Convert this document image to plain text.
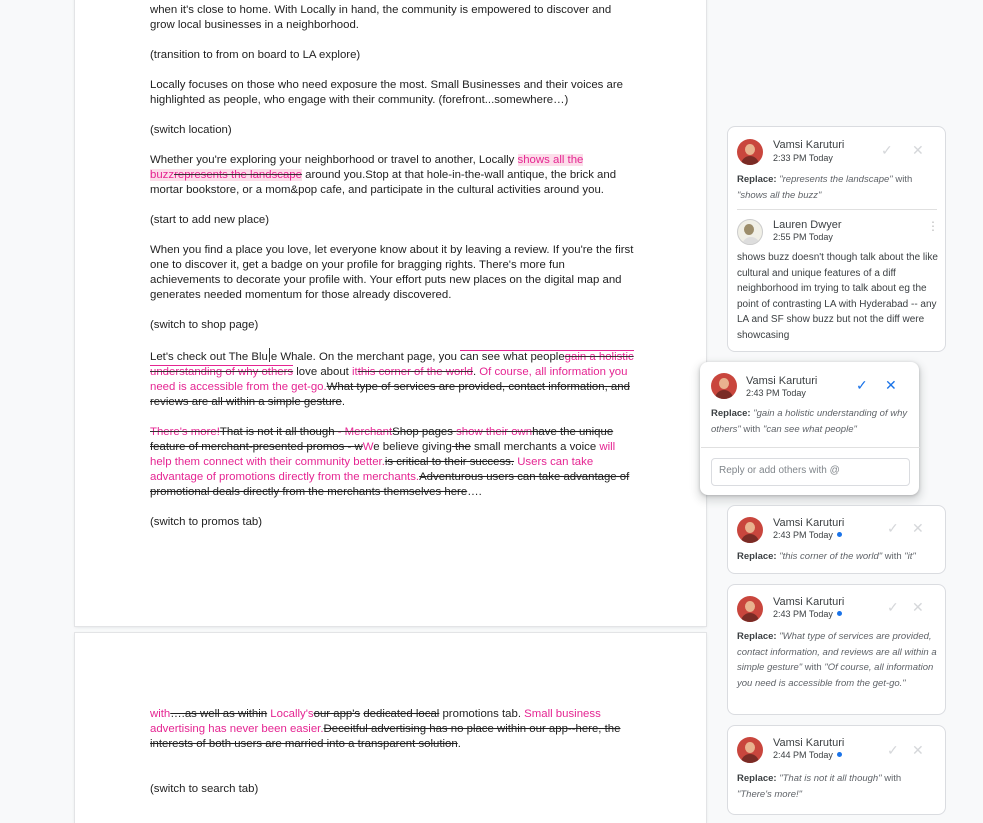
when it's close to home. With Locally in hand, the community is empowered to discover and
grow local businesses in a neighborhood.

(transition to from on board to LA explore)

Locally focuses on those who need exposure the most. Small Businesses and their voices are highlighted as people, who engage with their community. (forefront...somewhere…)

(switch location)

Whether you're exploring your neighborhood or travel to another, Locally shows all the buzzrepresents the landscape around you.Stop at that hole-in-the-wall antique, the brick and mortar bookstore, or a mom&pop cafe, and participate in the cultural activities around you.

(start to add new place)

When you find a place you love, let everyone know about it by leaving a review. If you're the first one to discover it, get a badge on your profile for bragging rights. There's more fun achievements to decorate your profile with. Your effort puts new places on the digital map and generates needed momentum for those already discovered.

(switch to shop page)

Let's check out The Blu e Whale. On the merchant page, you can see what peoplegain a holistic understanding of why others love about itthis corner of the world. Of course, all information you need is accessible from the get-go.What type of services are provided, contact information, and reviews are all within a simple gesture.

There's more!That is not it all though - MerchantShop pages show their ownhave the unique feature of merchant-presented promos - wWe believe giving the small merchants a voice will help them connect with their community better.is critical to their success. Users can take advantage of promotions directly from the merchants.Adventurous users can take advantage of promotional deals directly from the merchants themselves here….

(switch to promos tab)

with….as well as within Locally'sour app's dedicated local promotions tab. Small business advertising has never been easier.Deceitful advertising has no place within our app--here, the interests of both users are married into a transparent solution.

(switch to search tab)

Vamsi Karuturi
2:33 PM Today	✓ ✕
Replace: "represents the landscape" with "shows all the buzz"
Lauren Dwyer
2:55 PM Today
⋮
shows buzz doesn't though talk about the like cultural and unique features of a diff neighborhood im trying to talk about eg the point of contrasting LA with Hyderabad -- any LA and SF show buzz but not the diff were showcasing
Vamsi Karuturi
2:43 PM Today	✓ ✕
Replace: "gain a holistic understanding of why others" with "can see what people"
Reply or add others with @
Vamsi Karuturi
2:43 PM Today	✓ ✕
Replace: "this corner of the world" with "it"
Vamsi Karuturi
2:43 PM Today	✓ ✕
Replace: "What type of services are provided, contact information, and reviews are all within a simple gesture" with "Of course, all information you need is accessible from the get-go."
Vamsi Karuturi
2:44 PM Today	✓ ✕
Replace: "That is not it all though" with "There's more!"
